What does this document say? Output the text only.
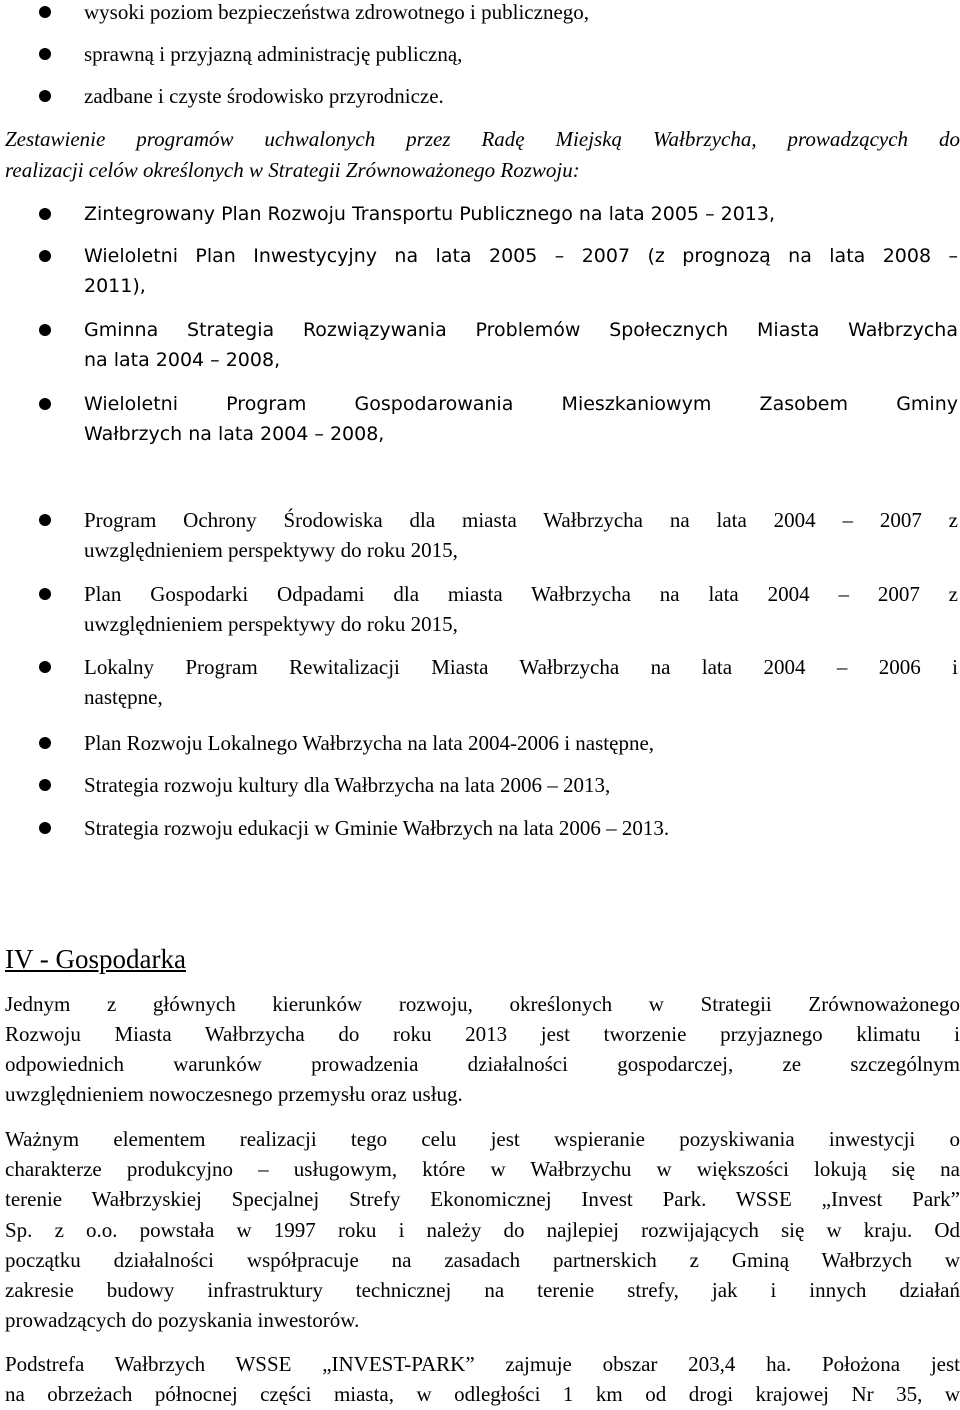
wysoki poziom bezpieczeństwa zdrowotnego i publicznego,
sprawną i przyjazną administrację publiczną,
zadbane i czyste środowisko przyrodnicze.
Zestawienie programów uchwalonych przez Radę Miejską Wałbrzycha, prowadzących do
realizacji celów określonych w Strategii Zrównoważonego Rozwoju:
Zintegrowany Plan Rozwoju Transportu Publicznego na lata 2005 – 2013,
Wieloletni Plan Inwestycyjny na lata 2005 – 2007 (z prognozą na lata 2008 –
2011),
Gminna Strategia Rozwiązywania Problemów Społecznych Miasta Wałbrzycha
na lata 2004 – 2008,
Wieloletni Program Gospodarowania Mieszkaniowym Zasobem Gminy
Wałbrzych na lata 2004 – 2008,
Program Ochrony Środowiska dla miasta Wałbrzycha na lata 2004 – 2007 z
uwzględnieniem perspektywy do roku 2015,
Plan Gospodarki Odpadami dla miasta Wałbrzycha na lata 2004 – 2007 z
uwzględnieniem perspektywy do roku 2015,
Lokalny Program Rewitalizacji Miasta Wałbrzycha na lata 2004 – 2006 i
następne,
Plan Rozwoju Lokalnego Wałbrzycha na lata 2004-2006 i następne,
Strategia rozwoju kultury dla Wałbrzycha na lata 2006 – 2013,
Strategia rozwoju edukacji w Gminie Wałbrzych na lata 2006 – 2013.
IV - Gospodarka
Jednym z głównych kierunków rozwoju, określonych w Strategii Zrównoważonego
Rozwoju Miasta Wałbrzycha do roku 2013 jest tworzenie przyjaznego klimatu i
odpowiednich warunków prowadzenia działalności gospodarczej, ze szczególnym
uwzględnieniem nowoczesnego przemysłu oraz usług.
Ważnym elementem realizacji tego celu jest wspieranie pozyskiwania inwestycji o
charakterze produkcyjno – usługowym, które w Wałbrzychu w większości lokują się na
terenie Wałbrzyskiej Specjalnej Strefy Ekonomicznej Invest Park. WSSE „Invest Park”
Sp. z o.o. powstała w 1997 roku i należy do najlepiej rozwijających się w kraju. Od
początku działalności współpracuje na zasadach partnerskich z Gminą Wałbrzych w
zakresie budowy infrastruktury technicznej na terenie strefy, jak i innych działań
prowadzących do pozyskania inwestorów.
Podstrefa Wałbrzych WSSE „INVEST-PARK” zajmuje obszar 203,4 ha. Położona jest
na obrzeżach północnej części miasta, w odległości 1 km od drogi krajowej Nr 35, w
